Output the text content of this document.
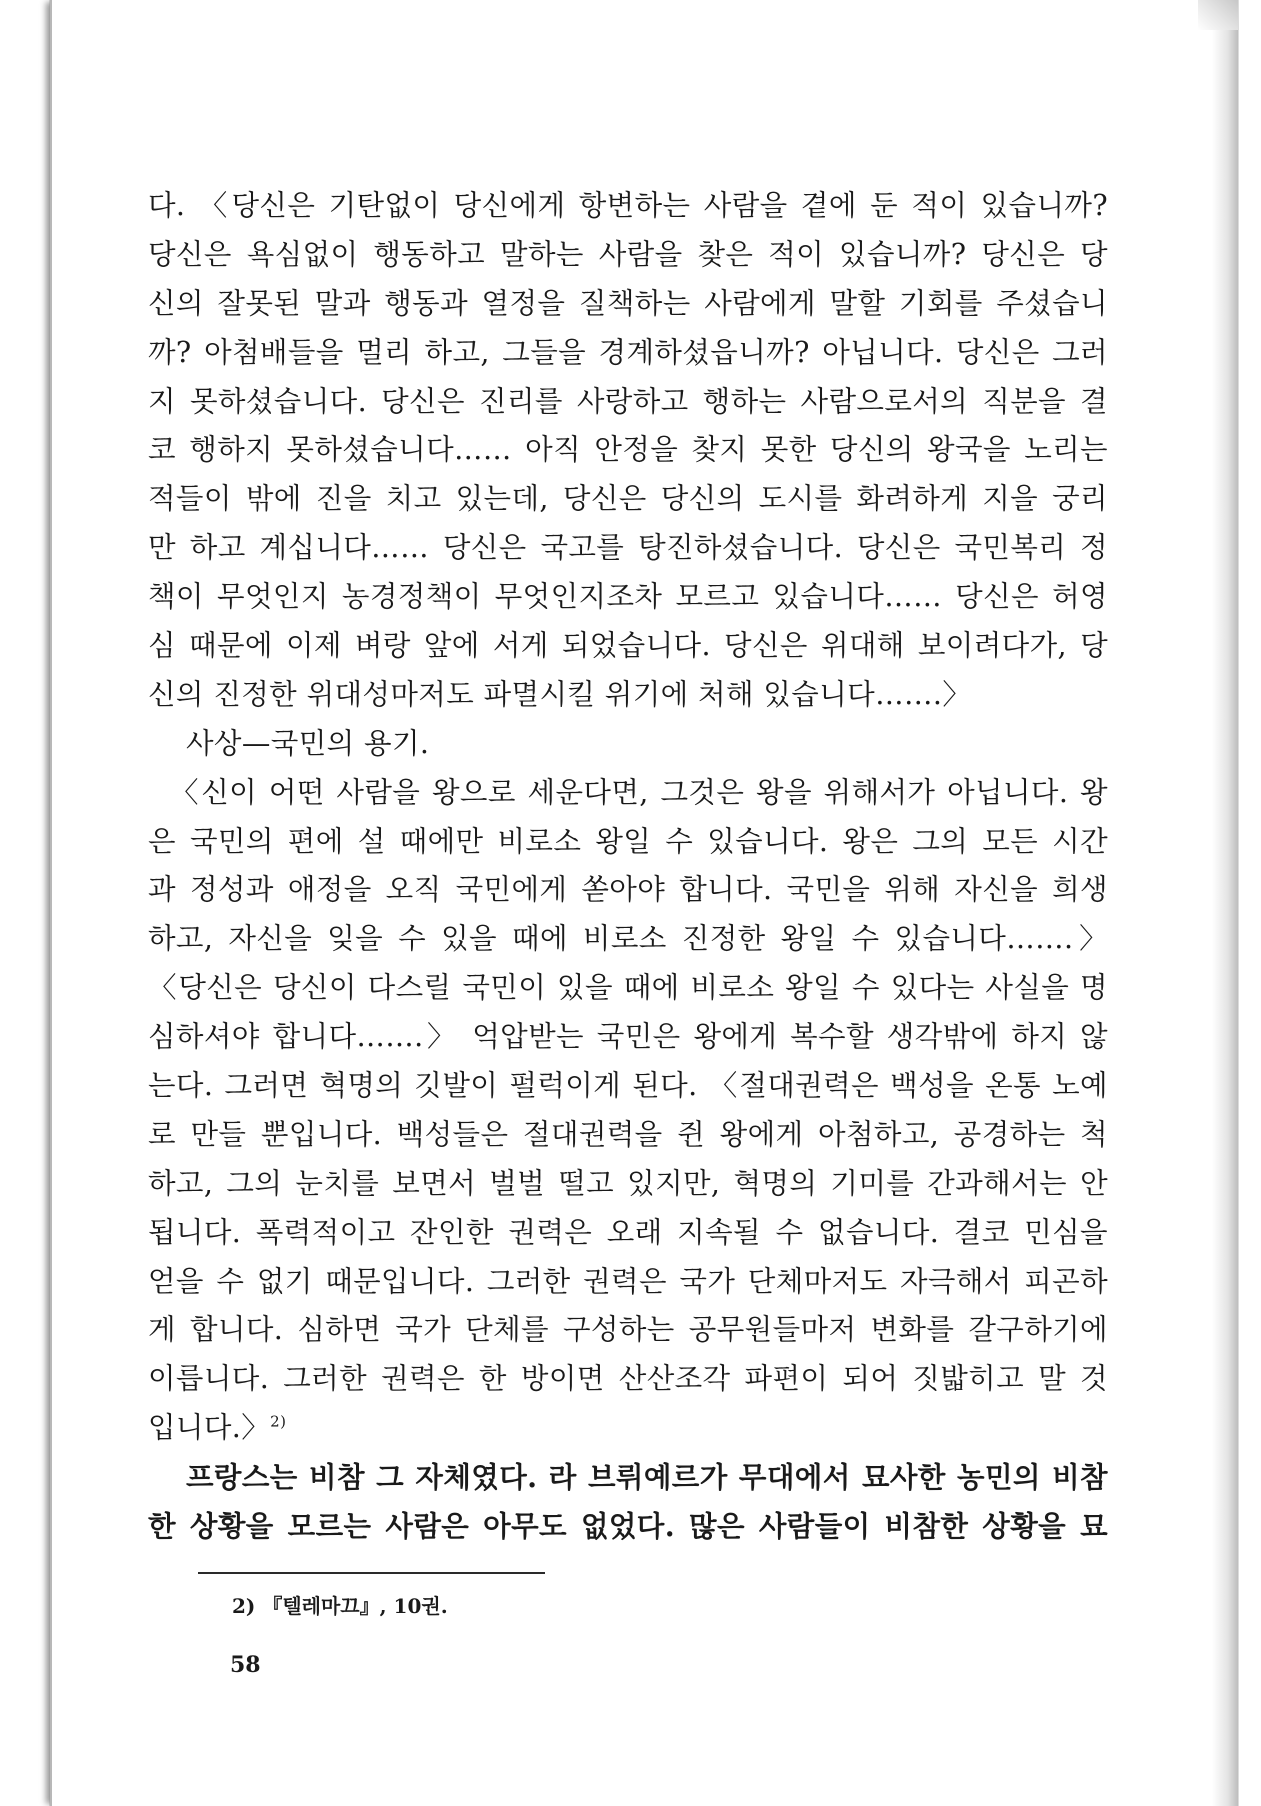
다. 〈당신은 기탄없이 당신에게 항변하는 사람을 곁에 둔 적이 있습니까?
당신은 욕심없이 행동하고 말하는 사람을 찾은 적이 있습니까? 당신은 당
신의 잘못된 말과 행동과 열정을 질책하는 사람에게 말할 기회를 주셨습니
까? 아첨배들을 멀리 하고, 그들을 경계하셨읍니까? 아닙니다. 당신은 그러
지 못하셨습니다. 당신은 진리를 사랑하고 행하는 사람으로서의 직분을 결
코 행하지 못하셨습니다…… 아직 안정을 찾지 못한 당신의 왕국을 노리는
적들이 밖에 진을 치고 있는데, 당신은 당신의 도시를 화려하게 지을 궁리
만 하고 계십니다…… 당신은 국고를 탕진하셨습니다. 당신은 국민복리 정
책이 무엇인지 농경정책이 무엇인지조차 모르고 있습니다…… 당신은 허영
심 때문에 이제 벼랑 앞에 서게 되었습니다. 당신은 위대해 보이려다가, 당
신의 진정한 위대성마저도 파멸시킬 위기에 처해 있습니다…….〉
사상—국민의 용기.
〈신이 어떤 사람을 왕으로 세운다면, 그것은 왕을 위해서가 아닙니다. 왕
은 국민의 편에 설 때에만 비로소 왕일 수 있습니다. 왕은 그의 모든 시간
과 정성과 애정을 오직 국민에게 쏟아야 합니다. 국민을 위해 자신을 희생
하고, 자신을 잊을 수 있을 때에 비로소 진정한 왕일 수 있습니다…….〉
〈당신은 당신이 다스릴 국민이 있을 때에 비로소 왕일 수 있다는 사실을 명
심하셔야 합니다…….〉 억압받는 국민은 왕에게 복수할 생각밖에 하지 않
는다. 그러면 혁명의 깃발이 펄럭이게 된다. 〈절대권력은 백성을 온통 노예
로 만들 뿐입니다. 백성들은 절대권력을 쥔 왕에게 아첨하고, 공경하는 척
하고, 그의 눈치를 보면서 벌벌 떨고 있지만, 혁명의 기미를 간과해서는 안
됩니다. 폭력적이고 잔인한 권력은 오래 지속될 수 없습니다. 결코 민심을
얻을 수 없기 때문입니다. 그러한 권력은 국가 단체마저도 자극해서 피곤하
게 합니다. 심하면 국가 단체를 구성하는 공무원들마저 변화를 갈구하기에
이릅니다. 그러한 권력은 한 방이면 산산조각 파편이 되어 짓밟히고 말 것
입니다.〉$^{2)}$
프랑스는 비참 그 자체였다. 라 브뤼예르가 무대에서 묘사한 농민의 비참
한 상황을 모르는 사람은 아무도 없었다. 많은 사람들이 비참한 상황을 묘
2) 『텔레마끄』, 10권.
58
